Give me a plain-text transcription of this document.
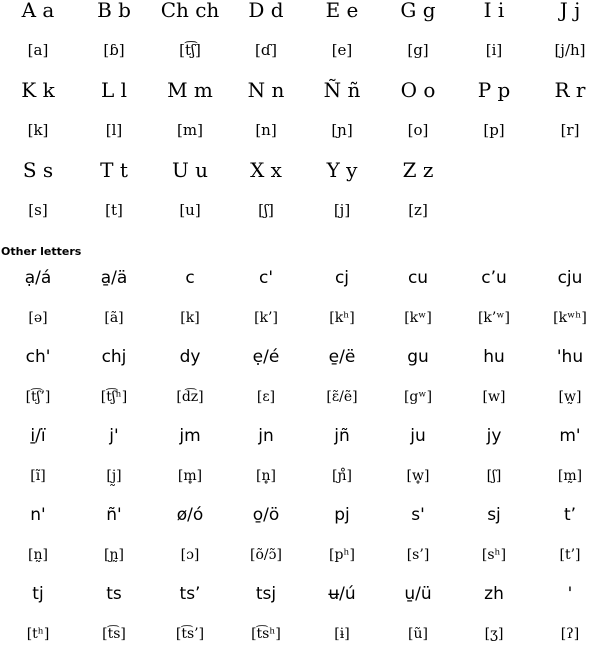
A a	B b	Ch ch	D d	E e	G g	I i	J j
[a]	[ɓ]	[t͡ʃ]	[ɗ]	[e]	[g]	[i]	[j/h]
K k	L l	M m	N n	Ñ ñ	O o	P p	R r
[k]	[l]	[m]	[n]	[ɲ]	[o]	[p]	[r]
S s	T t	U u	X x	Y y	Z z
[s]	[t]	[u]	[ʃ]	[j]	[z]
Other letters
ạ/á	a̱/ä	c	c'	cj	cu	c’u	cju
[ə]	[ã]	[k]	[k’]	[kʰ]	[kʷ]	[k’ʷ]	[kʷʰ]
ch'	chj	dy	ẹ/é	e̱/ë	gu	hu	'hu
[t͡ʃ’]	[t͡ʃʰ]	[d͡z]	[ɛ]	[ɛ̃/ẽ]	[gʷ]	[w]	[w̰]
i̱/ï	j'	jm	jn	jñ	ju	jy	m'
[ĩ]	[j̰]	[m̥]	[n̥]	[ɲ̊]	[w̥]	[ʃ]	[m̰]
n'	ñ'	ø/ó	o̱/ö	pj	s'	sj	t’
[n̰]	[ɲ̰]	[ɔ]	[õ/ɔ̃]	[pʰ]	[s’]	[sʰ]	[t’]
tj	ts	ts’	tsj	ʉ/ú	u̱/ü	zh	'
[tʰ]	[t͡s]	[t͡s’]	[t͡sʰ]	[ɨ]	[ũ]	[ʒ]	[ʔ]
